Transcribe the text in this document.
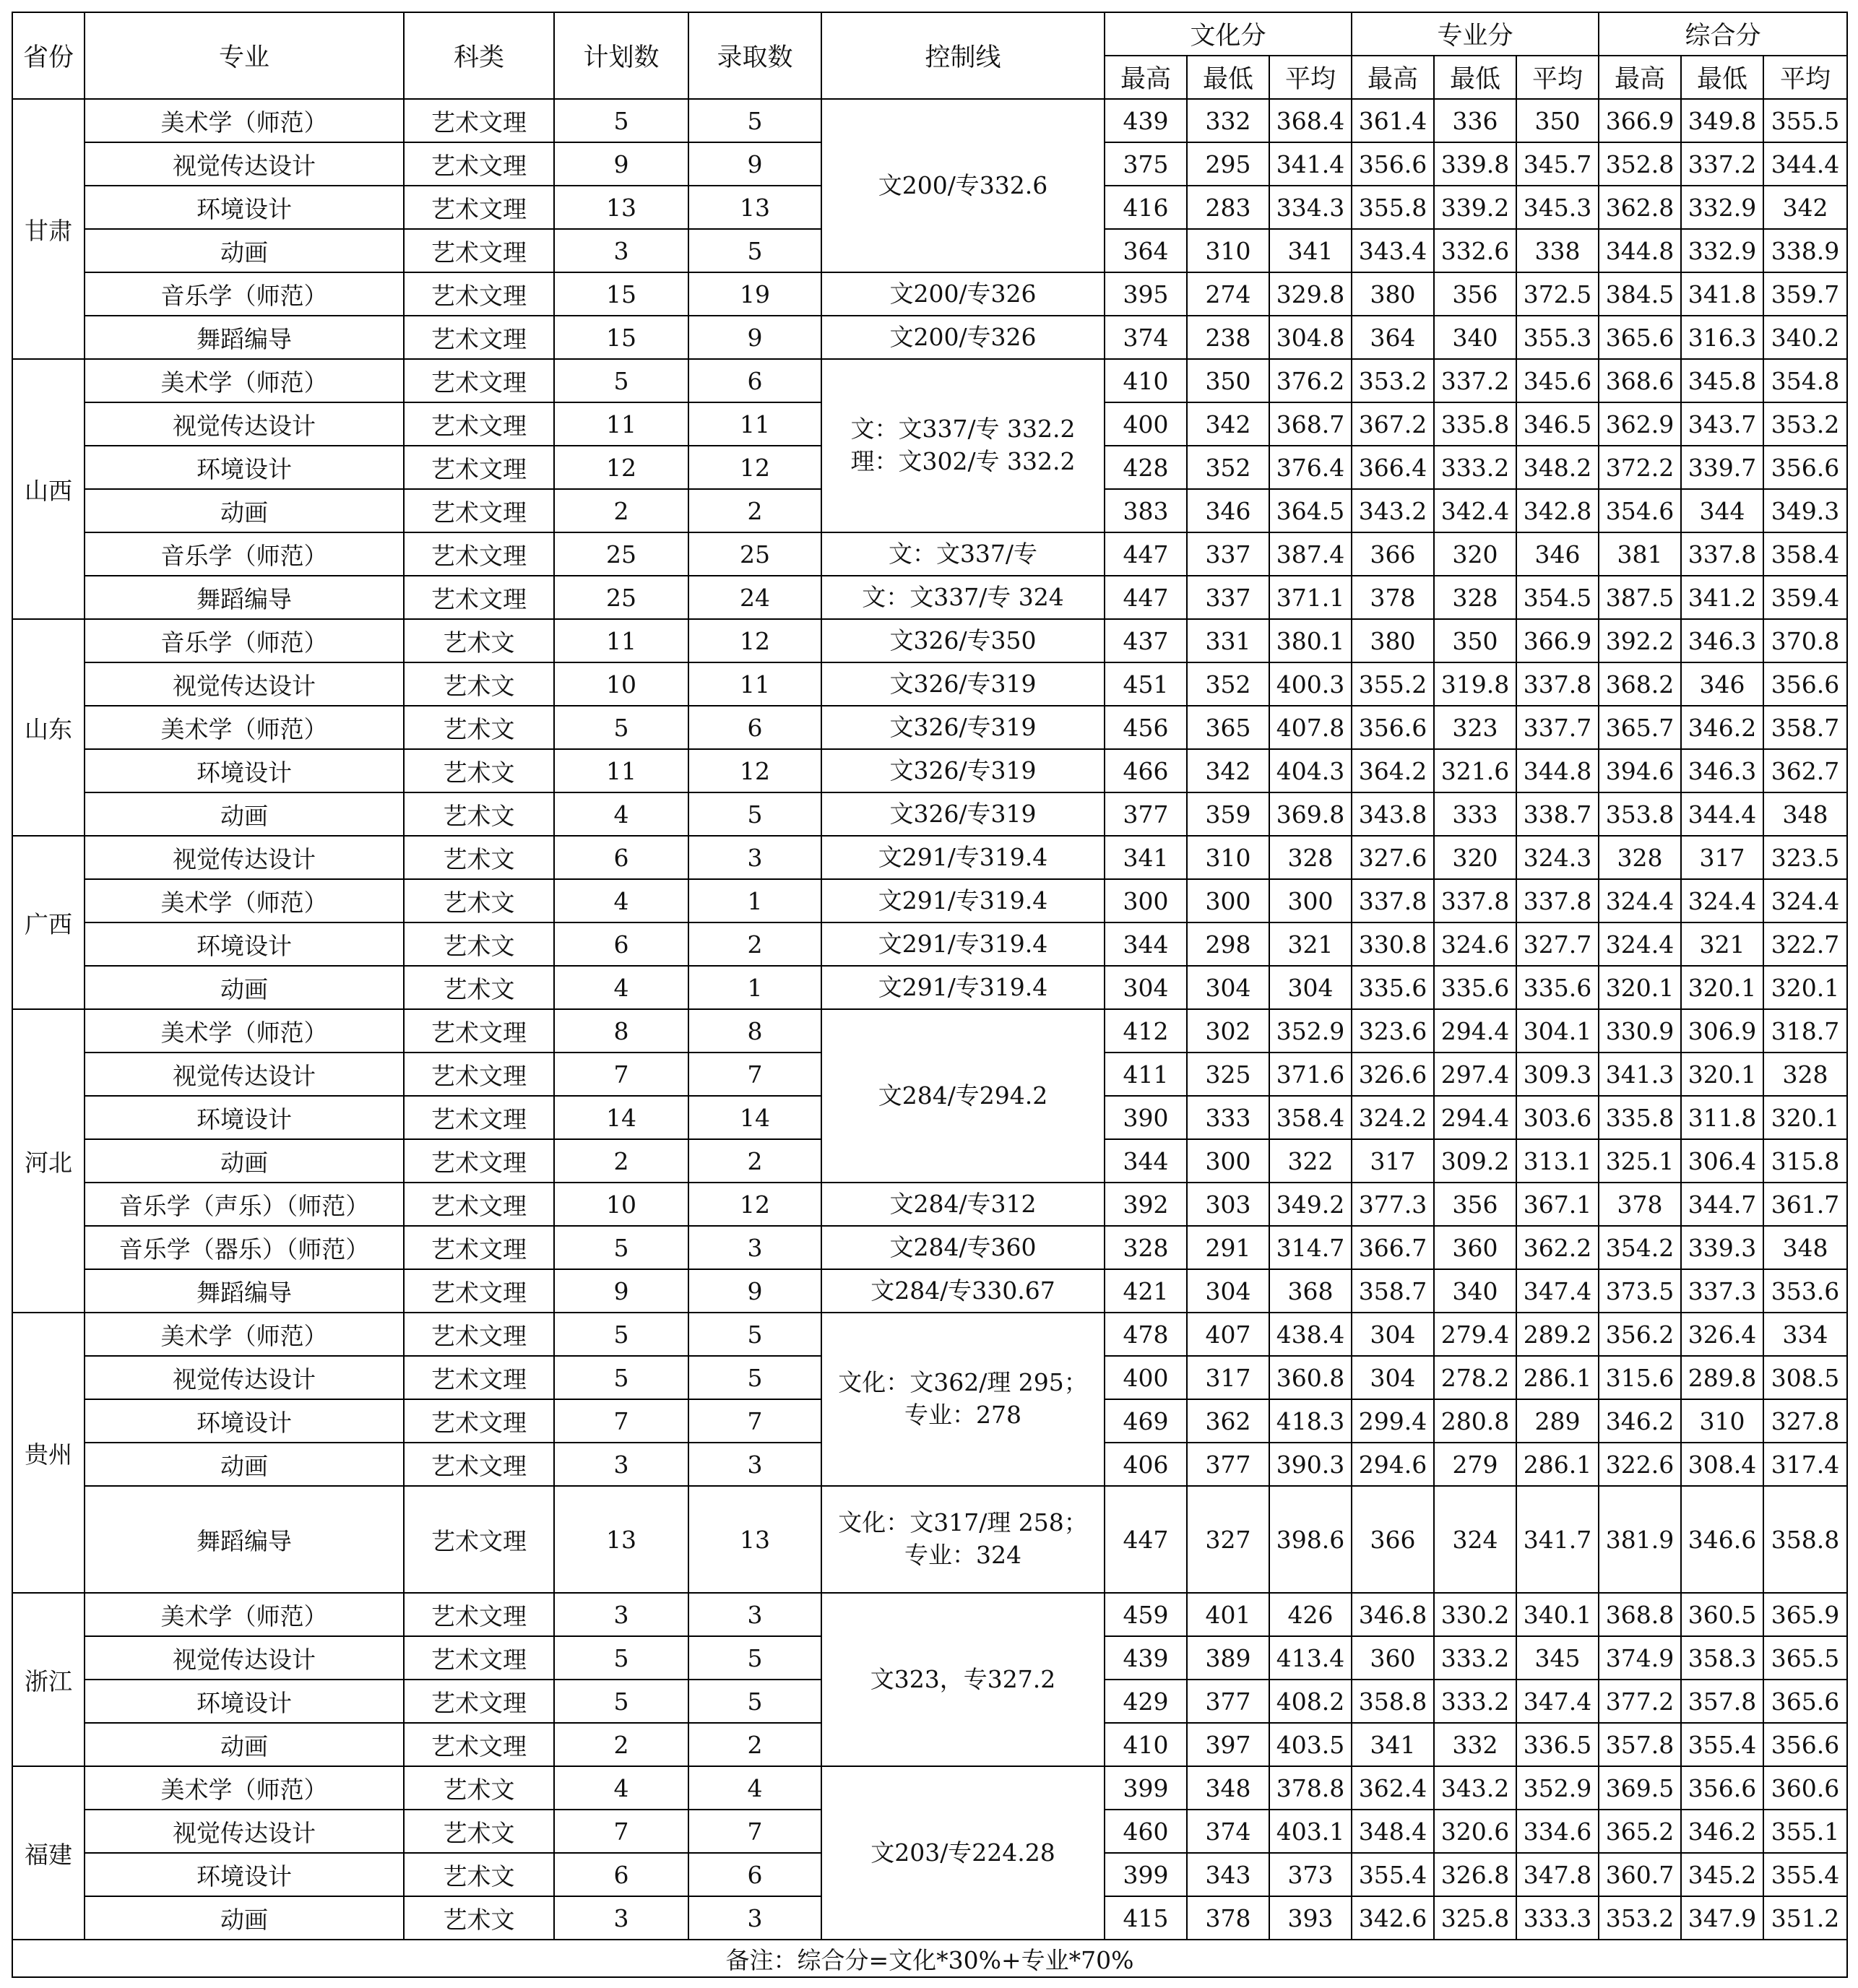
省份	专业	科类	计划数	录取数	控制线	文化分			专业分			综合分		
						最高	最低	平均	最高	最低	平均	最高	最低	平均
甘肃	美术学（师范）	艺术文理	5	5	文200/专332.6	439	332	368.4	361.4	336	350	366.9	349.8	355.5
	视觉传达设计	艺术文理	9	9		375	295	341.4	356.6	339.8	345.7	352.8	337.2	344.4
	环境设计	艺术文理	13	13		416	283	334.3	355.8	339.2	345.3	362.8	332.9	342
	动画	艺术文理	3	5		364	310	341	343.4	332.6	338	344.8	332.9	338.9
	音乐学（师范）	艺术文理	15	19	文200/专326	395	274	329.8	380	356	372.5	384.5	341.8	359.7
	舞蹈编导	艺术文理	15	9	文200/专326	374	238	304.8	364	340	355.3	365.6	316.3	340.2
山西	美术学（师范）	艺术文理	5	6	文：文337/专 332.2
理：文302/专 332.2	410	350	376.2	353.2	337.2	345.6	368.6	345.8	354.8
	视觉传达设计	艺术文理	11	11		400	342	368.7	367.2	335.8	346.5	362.9	343.7	353.2
	环境设计	艺术文理	12	12		428	352	376.4	366.4	333.2	348.2	372.2	339.7	356.6
	动画	艺术文理	2	2		383	346	364.5	343.2	342.4	342.8	354.6	344	349.3
	音乐学（师范）	艺术文理	25	25	文：文337/专	447	337	387.4	366	320	346	381	337.8	358.4
	舞蹈编导	艺术文理	25	24	文：文337/专 324	447	337	371.1	378	328	354.5	387.5	341.2	359.4
山东	音乐学（师范）	艺术文	11	12	文326/专350	437	331	380.1	380	350	366.9	392.2	346.3	370.8
	视觉传达设计	艺术文	10	11	文326/专319	451	352	400.3	355.2	319.8	337.8	368.2	346	356.6
	美术学（师范）	艺术文	5	6	文326/专319	456	365	407.8	356.6	323	337.7	365.7	346.2	358.7
	环境设计	艺术文	11	12	文326/专319	466	342	404.3	364.2	321.6	344.8	394.6	346.3	362.7
	动画	艺术文	4	5	文326/专319	377	359	369.8	343.8	333	338.7	353.8	344.4	348
广西	视觉传达设计	艺术文	6	3	文291/专319.4	341	310	328	327.6	320	324.3	328	317	323.5
	美术学（师范）	艺术文	4	1	文291/专319.4	300	300	300	337.8	337.8	337.8	324.4	324.4	324.4
	环境设计	艺术文	6	2	文291/专319.4	344	298	321	330.8	324.6	327.7	324.4	321	322.7
	动画	艺术文	4	1	文291/专319.4	304	304	304	335.6	335.6	335.6	320.1	320.1	320.1
河北	美术学（师范）	艺术文理	8	8	文284/专294.2	412	302	352.9	323.6	294.4	304.1	330.9	306.9	318.7
	视觉传达设计	艺术文理	7	7		411	325	371.6	326.6	297.4	309.3	341.3	320.1	328
	环境设计	艺术文理	14	14		390	333	358.4	324.2	294.4	303.6	335.8	311.8	320.1
	动画	艺术文理	2	2		344	300	322	317	309.2	313.1	325.1	306.4	315.8
	音乐学（声乐）（师范）	艺术文理	10	12	文284/专312	392	303	349.2	377.3	356	367.1	378	344.7	361.7
	音乐学（器乐）（师范）	艺术文理	5	3	文284/专360	328	291	314.7	366.7	360	362.2	354.2	339.3	348
	舞蹈编导	艺术文理	9	9	文284/专330.67	421	304	368	358.7	340	347.4	373.5	337.3	353.6
贵州	美术学（师范）	艺术文理	5	5	文化：文362/理 295；
专业：278	478	407	438.4	304	279.4	289.2	356.2	326.4	334
	视觉传达设计	艺术文理	5	5		400	317	360.8	304	278.2	286.1	315.6	289.8	308.5
	环境设计	艺术文理	7	7		469	362	418.3	299.4	280.8	289	346.2	310	327.8
	动画	艺术文理	3	3		406	377	390.3	294.6	279	286.1	322.6	308.4	317.4
	舞蹈编导	艺术文理	13	13	文化：文317/理 258；
专业：324	447	327	398.6	366	324	341.7	381.9	346.6	358.8
浙江	美术学（师范）	艺术文理	3	3	文323，专327.2	459	401	426	346.8	330.2	340.1	368.8	360.5	365.9
	视觉传达设计	艺术文理	5	5		439	389	413.4	360	333.2	345	374.9	358.3	365.5
	环境设计	艺术文理	5	5		429	377	408.2	358.8	333.2	347.4	377.2	357.8	365.6
	动画	艺术文理	2	2		410	397	403.5	341	332	336.5	357.8	355.4	356.6
福建	美术学（师范）	艺术文	4	4	文203/专224.28	399	348	378.8	362.4	343.2	352.9	369.5	356.6	360.6
	视觉传达设计	艺术文	7	7		460	374	403.1	348.4	320.6	334.6	365.2	346.2	355.1
	环境设计	艺术文	6	6		399	343	373	355.4	326.8	347.8	360.7	345.2	355.4
	动画	艺术文	3	3		415	378	393	342.6	325.8	333.3	353.2	347.9	351.2
备注：综合分=文化*30%+专业*70%														
